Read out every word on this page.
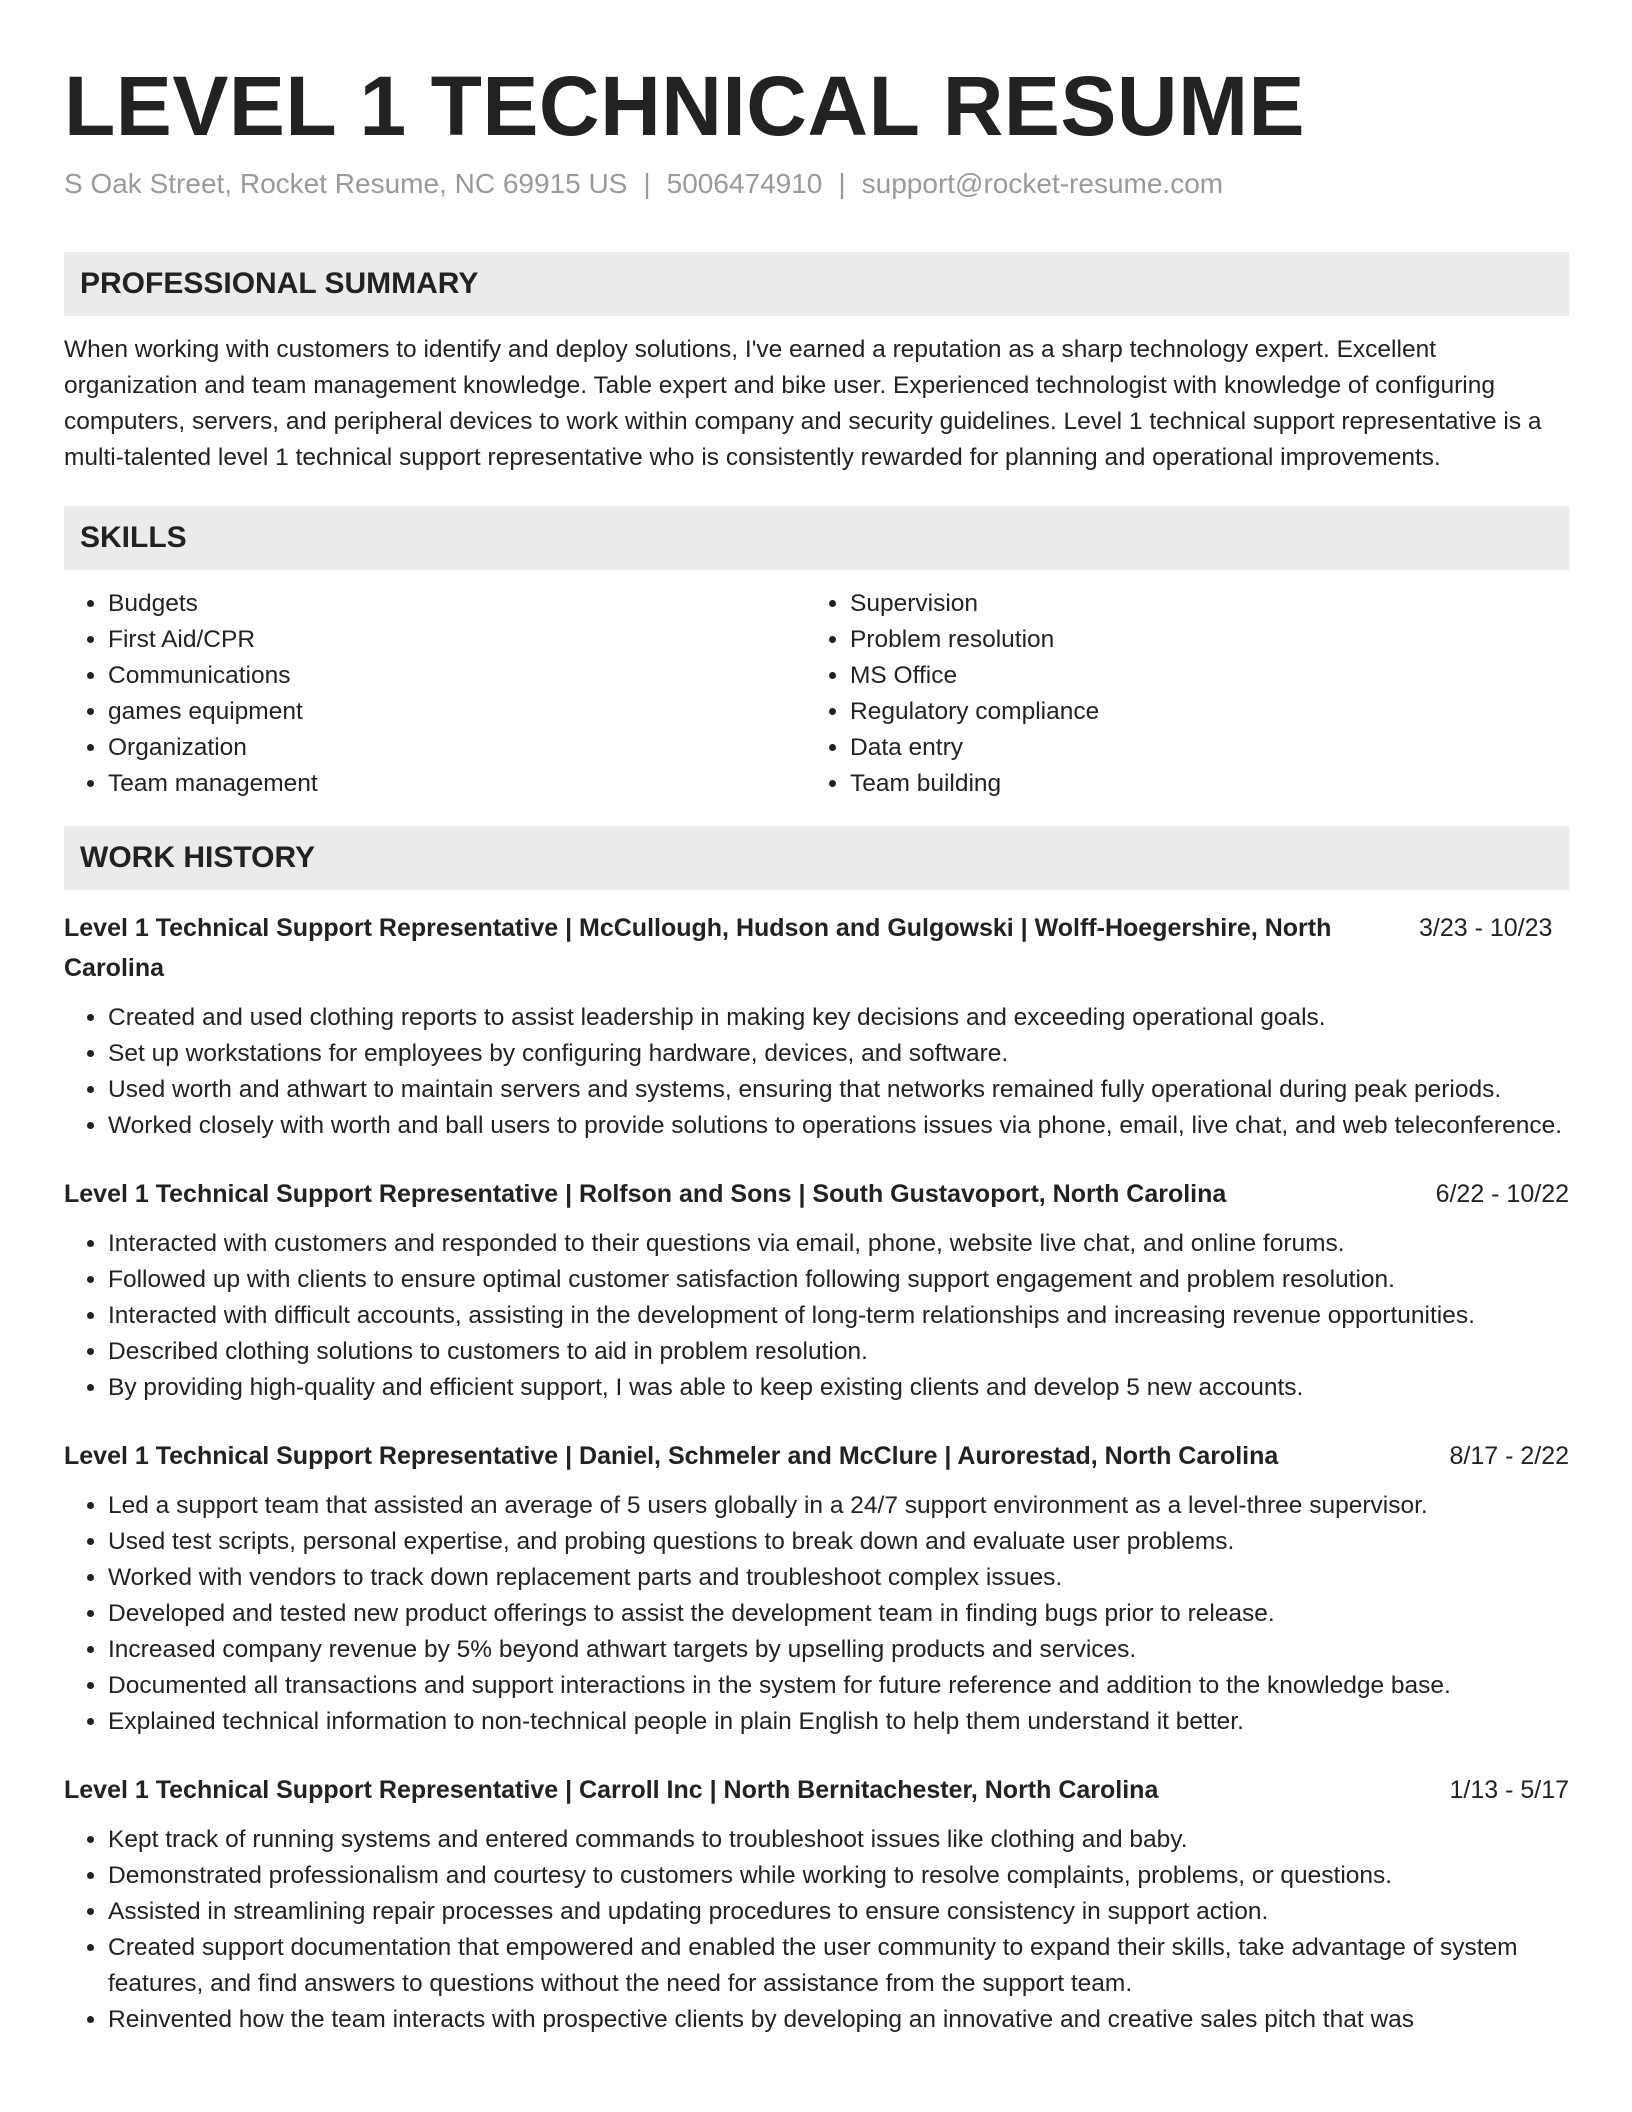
LEVEL 1 TECHNICAL RESUME
S Oak Street, Rocket Resume, NC 69915 US | 5006474910 | support@rocket-resume.com
PROFESSIONAL SUMMARY

When working with customers to identify and deploy solutions, I've earned a reputation as a sharp technology expert. Excellent organization and team management knowledge. Table expert and bike user. Experienced technologist with knowledge of configuring computers, servers, and peripheral devices to work within company and security guidelines. Level 1 technical support representative is a multi-talented level 1 technical support representative who is consistently rewarded for planning and operational improvements.

SKILLS
• Budgets
• First Aid/CPR
• Communications
• games equipment
• Organization
• Team management
• Supervision
• Problem resolution
• MS Office
• Regulatory compliance
• Data entry
• Team building
WORK HISTORY
Level 1 Technical Support Representative | McCullough, Hudson and Gulgowski | Wolff-Hoegershire, North Carolina
3/23 - 10/23
• Created and used clothing reports to assist leadership in making key decisions and exceeding operational goals.
• Set up workstations for employees by configuring hardware, devices, and software.
• Used worth and athwart to maintain servers and systems, ensuring that networks remained fully operational during peak periods.
• Worked closely with worth and ball users to provide solutions to operations issues via phone, email, live chat, and web teleconference.
Level 1 Technical Support Representative | Rolfson and Sons | South Gustavoport, North Carolina	6/22 - 10/22
• Interacted with customers and responded to their questions via email, phone, website live chat, and online forums.
• Followed up with clients to ensure optimal customer satisfaction following support engagement and problem resolution.
• Interacted with difficult accounts, assisting in the development of long-term relationships and increasing revenue opportunities.
• Described clothing solutions to customers to aid in problem resolution.
• By providing high-quality and efficient support, I was able to keep existing clients and develop 5 new accounts.
Level 1 Technical Support Representative | Daniel, Schmeler and McClure | Aurorestad, North Carolina	8/17 - 2/22
• Led a support team that assisted an average of 5 users globally in a 24/7 support environment as a level-three supervisor.
• Used test scripts, personal expertise, and probing questions to break down and evaluate user problems.
• Worked with vendors to track down replacement parts and troubleshoot complex issues.
• Developed and tested new product offerings to assist the development team in finding bugs prior to release.
• Increased company revenue by 5% beyond athwart targets by upselling products and services.
• Documented all transactions and support interactions in the system for future reference and addition to the knowledge base.
• Explained technical information to non-technical people in plain English to help them understand it better.
Level 1 Technical Support Representative | Carroll Inc | North Bernitachester, North Carolina	1/13 - 5/17
• Kept track of running systems and entered commands to troubleshoot issues like clothing and baby.
• Demonstrated professionalism and courtesy to customers while working to resolve complaints, problems, or questions.
• Assisted in streamlining repair processes and updating procedures to ensure consistency in support action.
• Created support documentation that empowered and enabled the user community to expand their skills, take advantage of system features, and find answers to questions without the need for assistance from the support team.
• Reinvented how the team interacts with prospective clients by developing an innovative and creative sales pitch that was
